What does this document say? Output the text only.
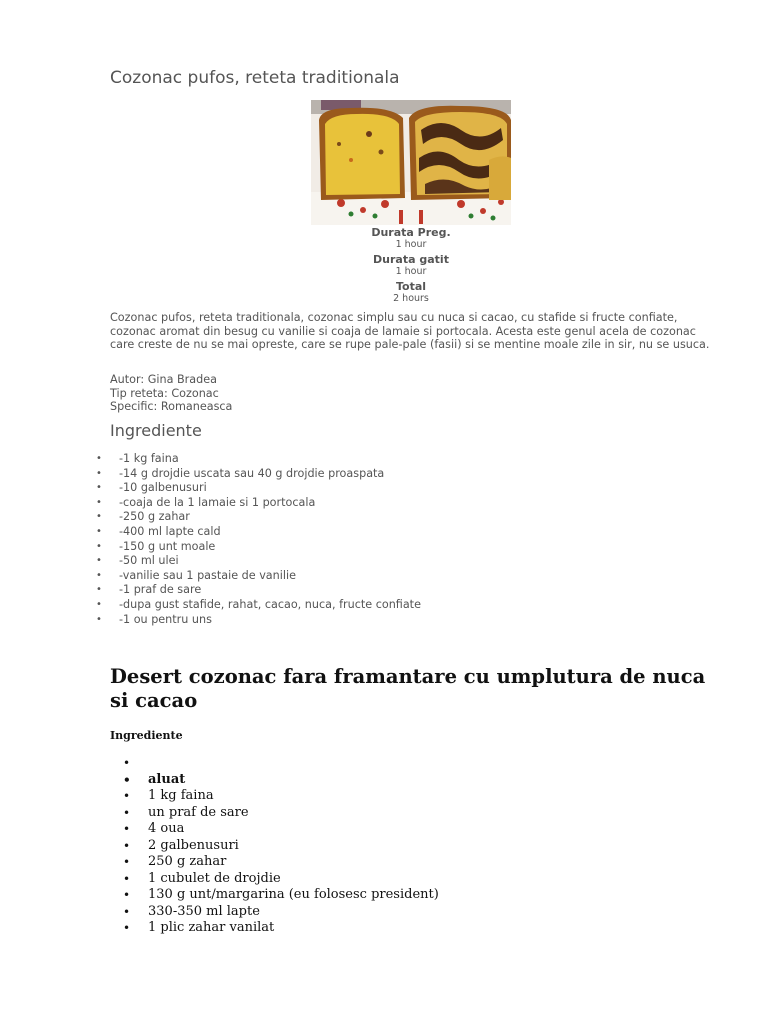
Cozonac pufos, reteta traditionala
Durata Preg.
1 hour
Durata gatit
1 hour
Total
2 hours
Cozonac pufos, reteta traditionala, cozonac simplu sau cu nuca si cacao, cu stafide si fructe confiate, cozonac aromat din besug cu vanilie si coaja de lamaie si portocala. Acesta este genul acela de cozonac care creste de nu se mai opreste, care se rupe pale-pale (fasii) si se mentine moale zile in sir, nu se usuca.
Autor: Gina Bradea
Tip reteta: Cozonac
Specific: Romaneasca
Ingrediente
• -1 kg faina
• -14 g drojdie uscata sau 40 g drojdie proaspata
• -10 galbenusuri
• -coaja de la 1 lamaie si 1 portocala
• -250 g zahar
• -400 ml lapte cald
• -150 g unt moale
• -50 ml ulei
• -vanilie sau 1 pastaie de vanilie
• -1 praf de sare
• -dupa gust stafide, rahat, cacao, nuca, fructe confiate
• -1 ou pentru uns
Desert cozonac fara framantare cu umplutura de nuca si cacao
Ingrediente
•
• aluat
• 1 kg faina
• un praf de sare
• 4 oua
• 2 galbenusuri
• 250 g zahar
• 1 cubulet de drojdie
• 130 g unt/margarina (eu folosesc president)
• 330-350 ml lapte
• 1 plic zahar vanilat
